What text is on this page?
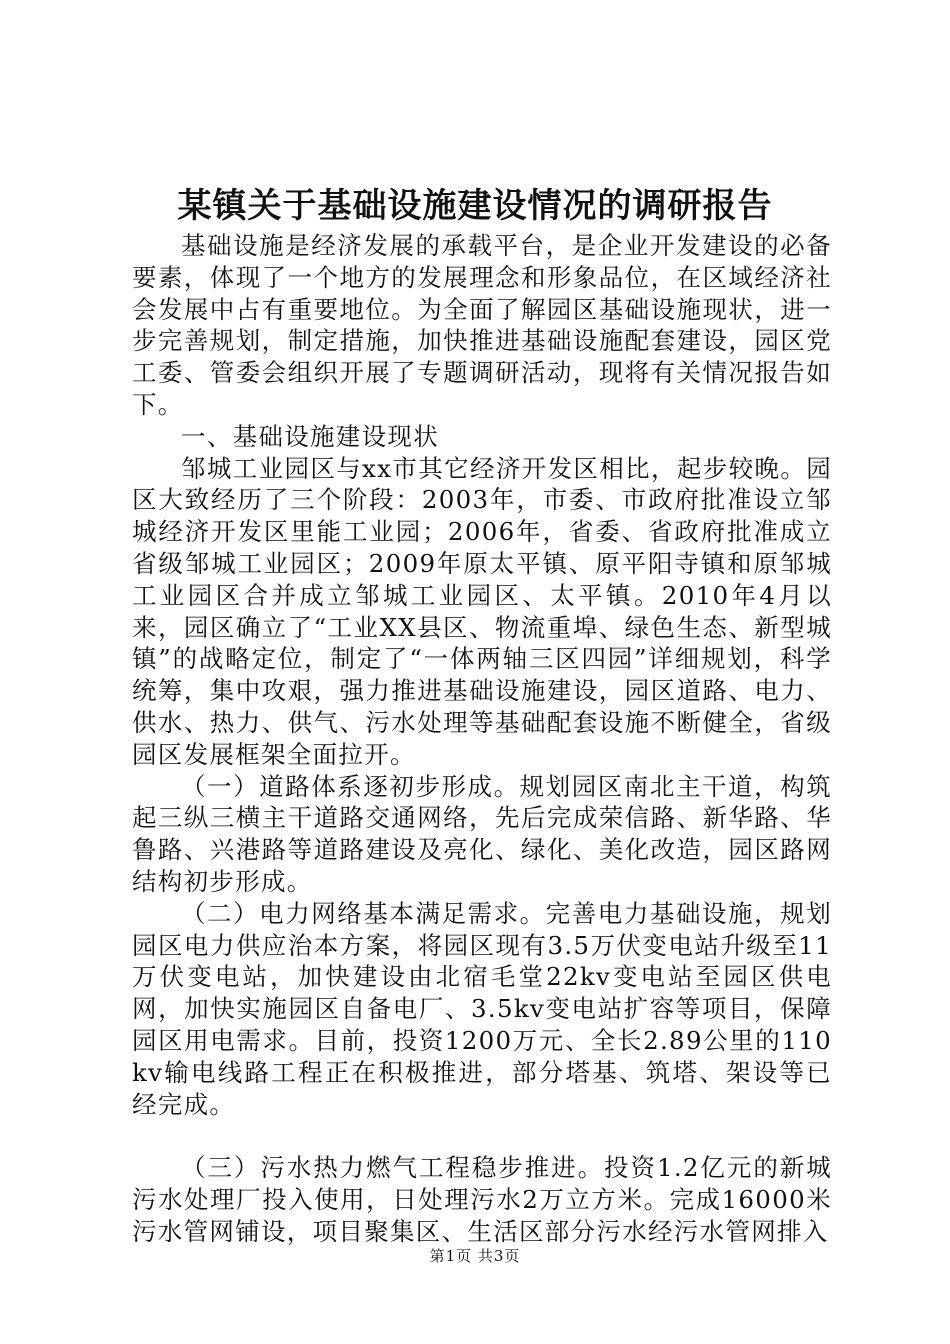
某镇关于基础设施建设情况的调研报告

基础设施是经济发展的承载平台，是企业开发建设的必备要素，体现了一个地方的发展理念和形象品位，在区域经济社会发展中占有重要地位。为全面了解园区基础设施现状，进一步完善规划，制定措施，加快推进基础设施配套建设，园区党工委、管委会组织开展了专题调研活动，现将有关情况报告如下。

一、基础设施建设现状

邹城工业园区与xx市其它经济开发区相比，起步较晚。园区大致经历了三个阶段：2003年，市委、市政府批准设立邹城经济开发区里能工业园；2006年，省委、省政府批准成立省级邹城工业园区；2009年原太平镇、原平阳寺镇和原邹城工业园区合并成立邹城工业园区、太平镇。2010年4月以来，园区确立了“工业XX县区、物流重埠、绿色生态、新型城镇”的战略定位，制定了“一体两轴三区四园”详细规划，科学统筹，集中攻艰，强力推进基础设施建设，园区道路、电力、供水、热力、供气、污水处理等基础配套设施不断健全，省级园区发展框架全面拉开。

（一）道路体系逐初步形成。规划园区南北主干道，构筑起三纵三横主干道路交通网络，先后完成荣信路、新华路、华鲁路、兴港路等道路建设及亮化、绿化、美化改造，园区路网结构初步形成。

（二）电力网络基本满足需求。完善电力基础设施，规划园区电力供应治本方案，将园区现有3.5万伏变电站升级至11万伏变电站，加快建设由北宿毛堂22kv变电站至园区供电网，加快实施园区自备电厂、3.5kv变电站扩容等项目，保障园区用电需求。目前，投资1200万元、全长2.89公里的110kv输电线路工程正在积极推进，部分塔基、筑塔、架设等已经完成。

（三）污水热力燃气工程稳步推进。投资1.2亿元的新城污水处理厂投入使用，日处理污水2万立方米。完成16000米污水管网铺设，项目聚集区、生活区部分污水经污水管网排入

第1页 共3页
